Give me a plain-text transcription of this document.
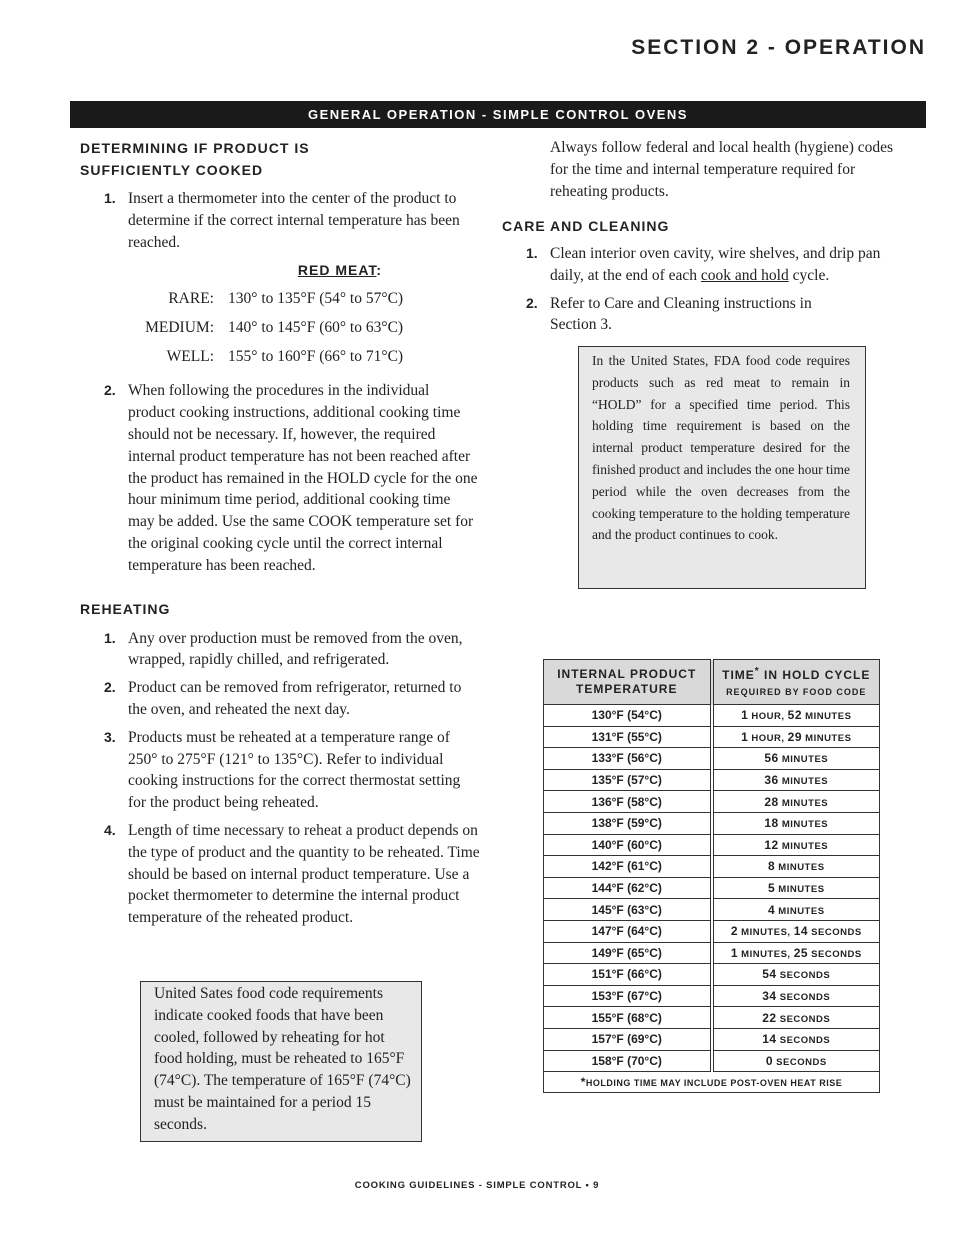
SECTION 2 - OPERATION
GENERAL OPERATION - SIMPLE CONTROL OVENS
DETERMINING IF PRODUCT IS
SUFFICIENTLY COOKED
1. Insert a thermometer into the center of the product to determine if the correct internal temperature has been reached.
RED MEAT:
RARE: 130° to 135°F (54° to 57°C)
MEDIUM: 140° to 145°F (60° to 63°C)
WELL: 155° to 160°F (66° to 71°C)
2. When following the procedures in the individual product cooking instructions, additional cooking time should not be necessary. If, however, the required internal product temperature has not been reached after the product has remained in the HOLD cycle for the one hour minimum time period, additional cooking time may be added. Use the same COOK temperature set for the original cooking cycle until the correct internal temperature has been reached.
REHEATING
1. Any over production must be removed from the oven, wrapped, rapidly chilled, and refrigerated.
2. Product can be removed from refrigerator, returned to the oven, and reheated the next day.
3. Products must be reheated at a temperature range of 250° to 275°F (121° to 135°C). Refer to individual cooking instructions for the correct thermostat setting for the product being reheated.
4. Length of time necessary to reheat a product depends on the type of product and the quantity to be reheated. Time should be based on internal product temperature. Use a pocket thermometer to determine the internal product temperature of the reheated product.
United Sates food code requirements indicate cooked foods that have been cooled, followed by reheating for hot food holding, must be reheated to 165°F (74°C). The temperature of 165°F (74°C) must be maintained for a period 15 seconds.
Always follow federal and local health (hygiene) codes for the time and internal temperature required for reheating products.
CARE AND CLEANING
1. Clean interior oven cavity, wire shelves, and drip pan daily, at the end of each cook and hold cycle.
2. Refer to Care and Cleaning instructions in Section 3.
In the United States, FDA food code requires products such as red meat to remain in “HOLD” for a specified time period. This holding time requirement is based on the internal product temperature desired for the finished product and includes the one hour time period while the oven decreases from the cooking temperature to the holding temperature and the product continues to cook.
INTERNAL PRODUCT TEMPERATURE	TIME* IN HOLD CYCLE
REQUIRED BY FOOD CODE

130°F (54°C)	1 HOUR, 52 MINUTES
131°F (55°C)	1 HOUR, 29 MINUTES
133°F (56°C)	56 MINUTES
135°F (57°C)	36 MINUTES
136°F (58°C)	28 MINUTES
138°F (59°C)	18 MINUTES
140°F (60°C)	12 MINUTES
142°F (61°C)	8 MINUTES
144°F (62°C)	5 MINUTES
145°F (63°C)	4 MINUTES
147°F (64°C)	2 MINUTES, 14 SECONDS
149°F (65°C)	1 MINUTES, 25 SECONDS
151°F (66°C)	54 SECONDS
153°F (67°C)	34 SECONDS
155°F (68°C)	22 SECONDS
157°F (69°C)	14 SECONDS
158°F (70°C)	0 SECONDS
*HOLDING TIME MAY INCLUDE POST-OVEN HEAT RISE	
COOKING GUIDELINES - SIMPLE CONTROL • 9
